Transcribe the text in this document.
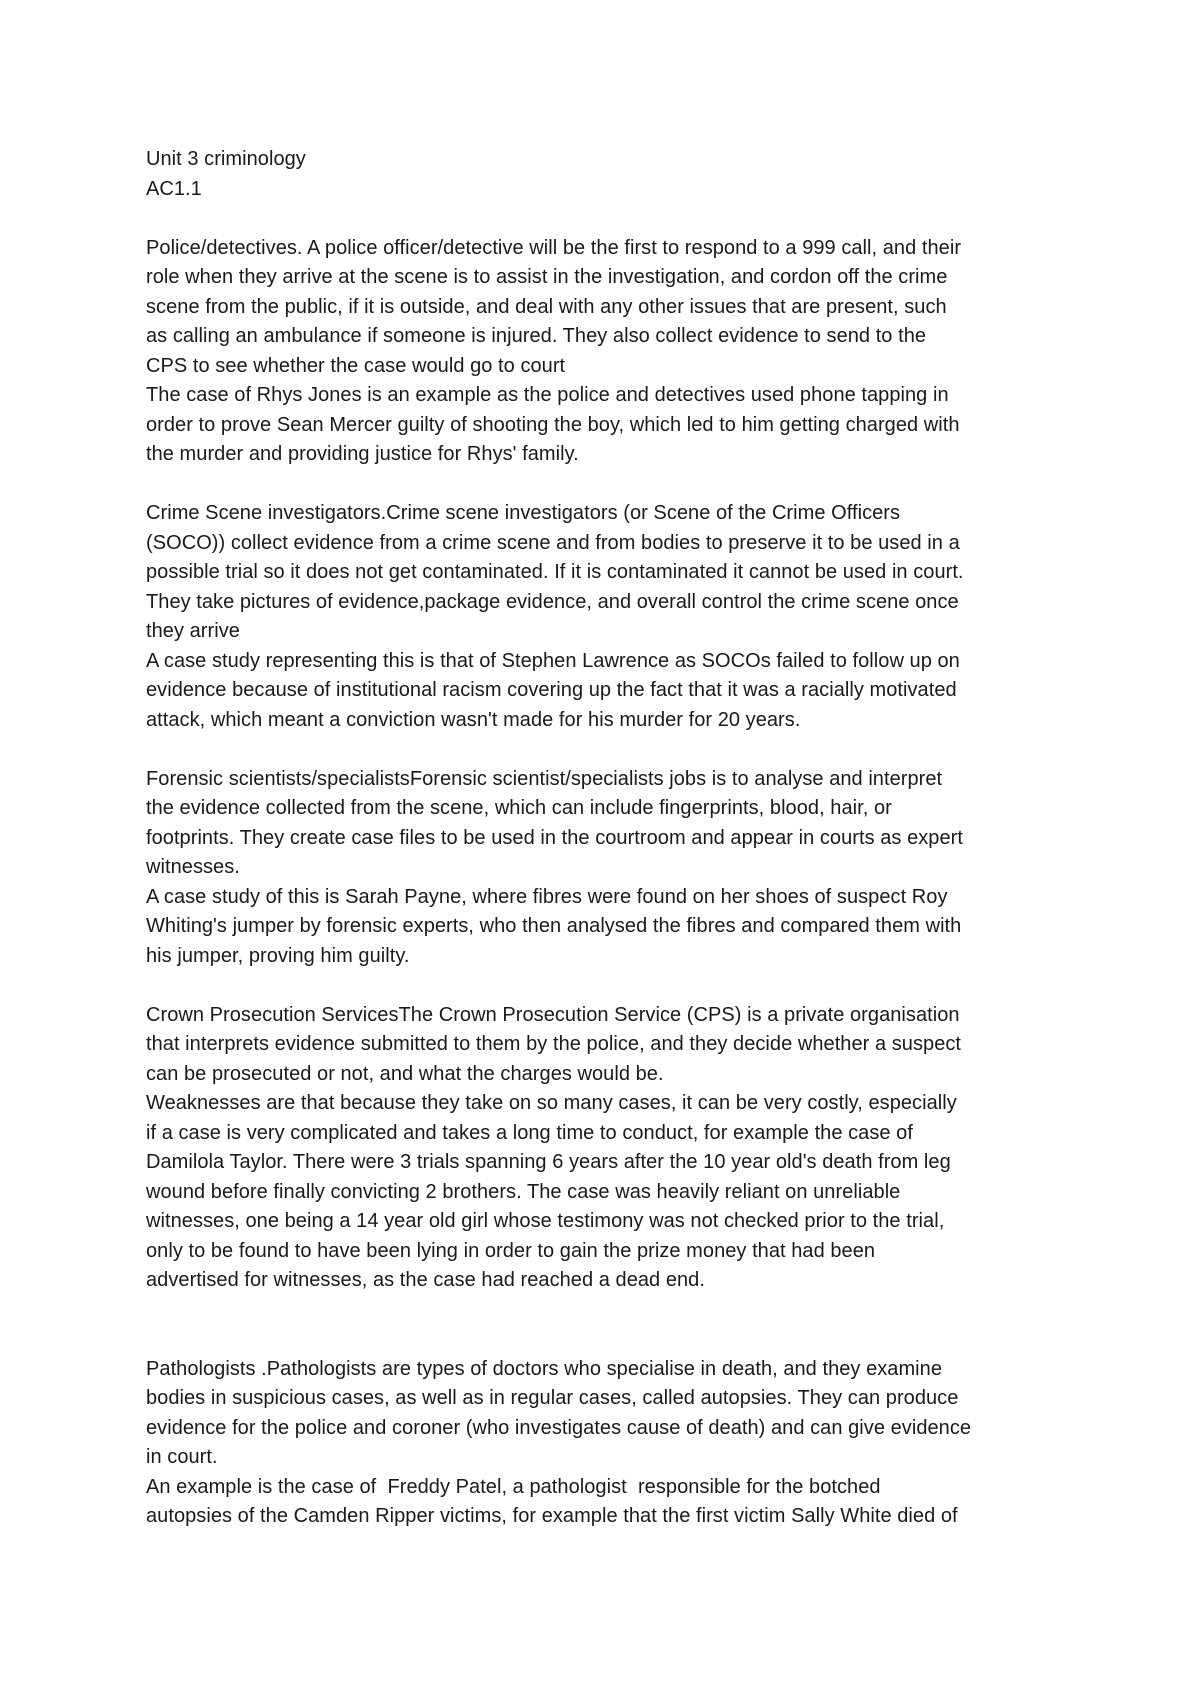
Unit 3 criminology
AC1.1
Police/detectives. A police officer/detective will be the first to respond to a 999 call, and their
role when they arrive at the scene is to assist in the investigation, and cordon off the crime
scene from the public, if it is outside, and deal with any other issues that are present, such
as calling an ambulance if someone is injured. They also collect evidence to send to the
CPS to see whether the case would go to court
The case of Rhys Jones is an example as the police and detectives used phone tapping in
order to prove Sean Mercer guilty of shooting the boy, which led to him getting charged with
the murder and providing justice for Rhys' family.
Crime Scene investigators.Crime scene investigators (or Scene of the Crime Officers
(SOCO)) collect evidence from a crime scene and from bodies to preserve it to be used in a
possible trial so it does not get contaminated. If it is contaminated it cannot be used in court.
They take pictures of evidence,package evidence, and overall control the crime scene once
they arrive
A case study representing this is that of Stephen Lawrence as SOCOs failed to follow up on
evidence because of institutional racism covering up the fact that it was a racially motivated
attack, which meant a conviction wasn't made for his murder for 20 years.
Forensic scientists/specialistsForensic scientist/specialists jobs is to analyse and interpret
the evidence collected from the scene, which can include fingerprints, blood, hair, or
footprints. They create case files to be used in the courtroom and appear in courts as expert
witnesses.
A case study of this is Sarah Payne, where fibres were found on her shoes of suspect Roy
Whiting's jumper by forensic experts, who then analysed the fibres and compared them with
his jumper, proving him guilty.
Crown Prosecution ServicesThe Crown Prosecution Service (CPS) is a private organisation
that interprets evidence submitted to them by the police, and they decide whether a suspect
can be prosecuted or not, and what the charges would be.
Weaknesses are that because they take on so many cases, it can be very costly, especially
if a case is very complicated and takes a long time to conduct, for example the case of
Damilola Taylor. There were 3 trials spanning 6 years after the 10 year old's death from leg
wound before finally convicting 2 brothers. The case was heavily reliant on unreliable
witnesses, one being a 14 year old girl whose testimony was not checked prior to the trial,
only to be found to have been lying in order to gain the prize money that had been
advertised for witnesses, as the case had reached a dead end.
Pathologists .Pathologists are types of doctors who specialise in death, and they examine
bodies in suspicious cases, as well as in regular cases, called autopsies. They can produce
evidence for the police and coroner (who investigates cause of death) and can give evidence
in court.
An example is the case of  Freddy Patel, a pathologist  responsible for the botched
autopsies of the Camden Ripper victims, for example that the first victim Sally White died of
